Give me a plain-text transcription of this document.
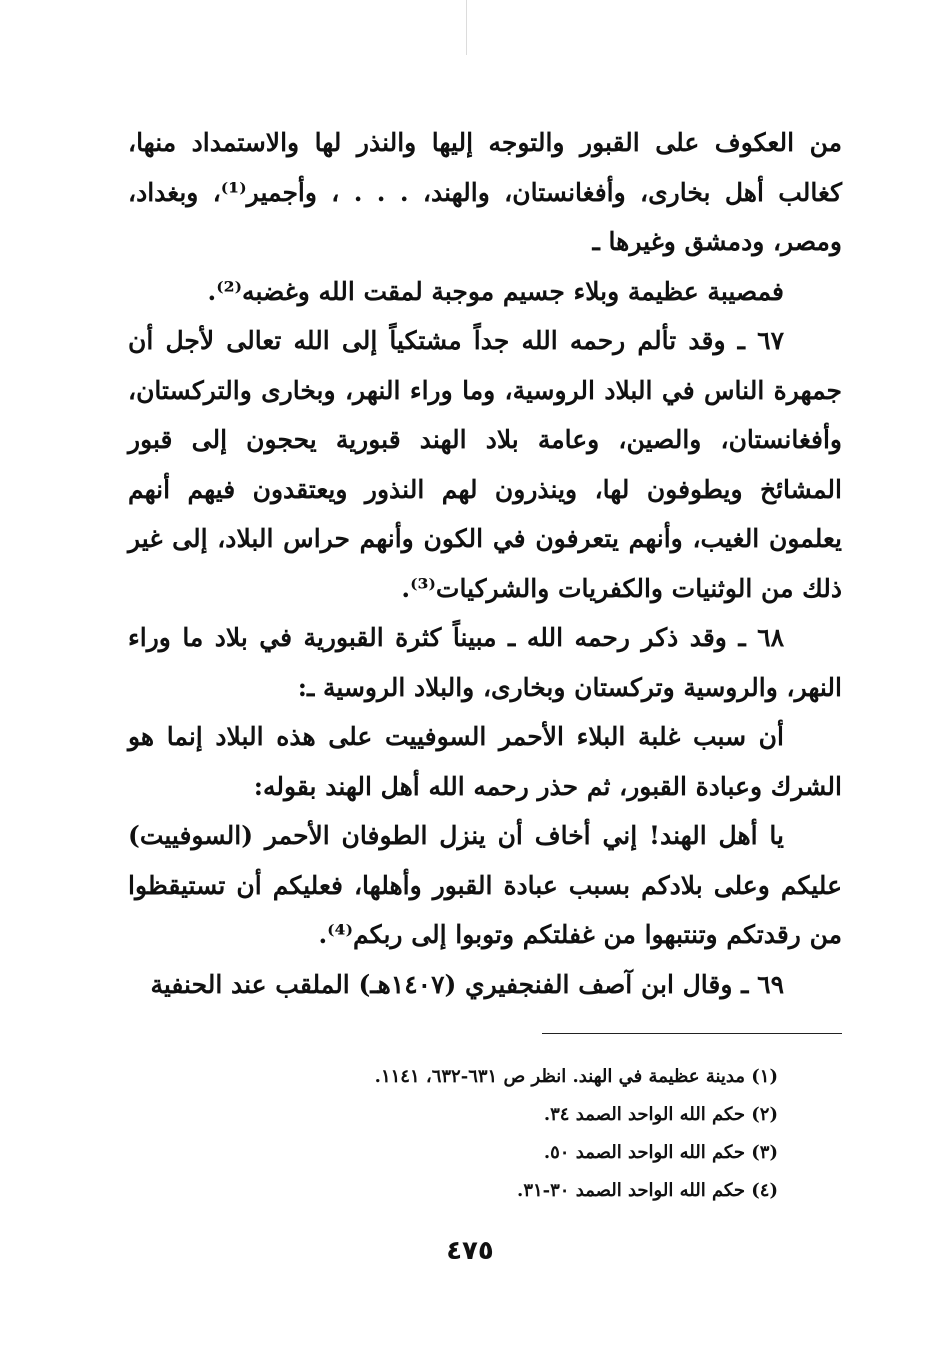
من العكوف على القبور والتوجه إليها والنذر لها والاستمداد منها، كغالب أهل بخارى، وأفغانستان، والهند، . . . ، وأجمير⁽¹⁾، وبغداد، ومصر، ودمشق وغيرها ـ

فمصيبة عظيمة وبلاء جسيم موجبة لمقت الله وغضبه⁽²⁾.

٦٧ ـ وقد تألم رحمه الله جداً مشتكياً إلى الله تعالى لأجل أن جمهرة الناس في البلاد الروسية، وما وراء النهر، وبخارى والتركستان، وأفغانستان، والصين، وعامة بلاد الهند قبورية يحجون إلى قبور المشائخ ويطوفون لها، وينذرون لهم النذور ويعتقدون فيهم أنهم يعلمون الغيب، وأنهم يتعرفون في الكون وأنهم حراس البلاد، إلى غير ذلك من الوثنيات والكفريات والشركيات⁽³⁾.

٦٨ ـ وقد ذكر رحمه الله ـ مبيناً كثرة القبورية في بلاد ما وراء النهر، والروسية وتركستان وبخارى، والبلاد الروسية ـ:

أن سبب غلبة البلاء الأحمر السوفييت على هذه البلاد إنما هو الشرك وعبادة القبور، ثم حذر رحمه الله أهل الهند بقوله:

يا أهل الهند! إني أخاف أن ينزل الطوفان الأحمر (السوفييت) عليكم وعلى بلادكم بسبب عبادة القبور وأهلها، فعليكم أن تستيقظوا من رقدتكم وتنتبهوا من غفلتكم وتوبوا إلى ربكم⁽⁴⁾.

٦٩ ـ وقال ابن آصف الفنجفيري (١٤٠٧هـ) الملقب عند الحنفية

(١) مدينة عظيمة في الهند. انظر ص ٦٣١-٦٣٢، ١١٤١.
(٢) حكم الله الواحد الصمد ٣٤.
(٣) حكم الله الواحد الصمد ٥٠.
(٤) حكم الله الواحد الصمد ٣٠-٣١.
٤٧٥
